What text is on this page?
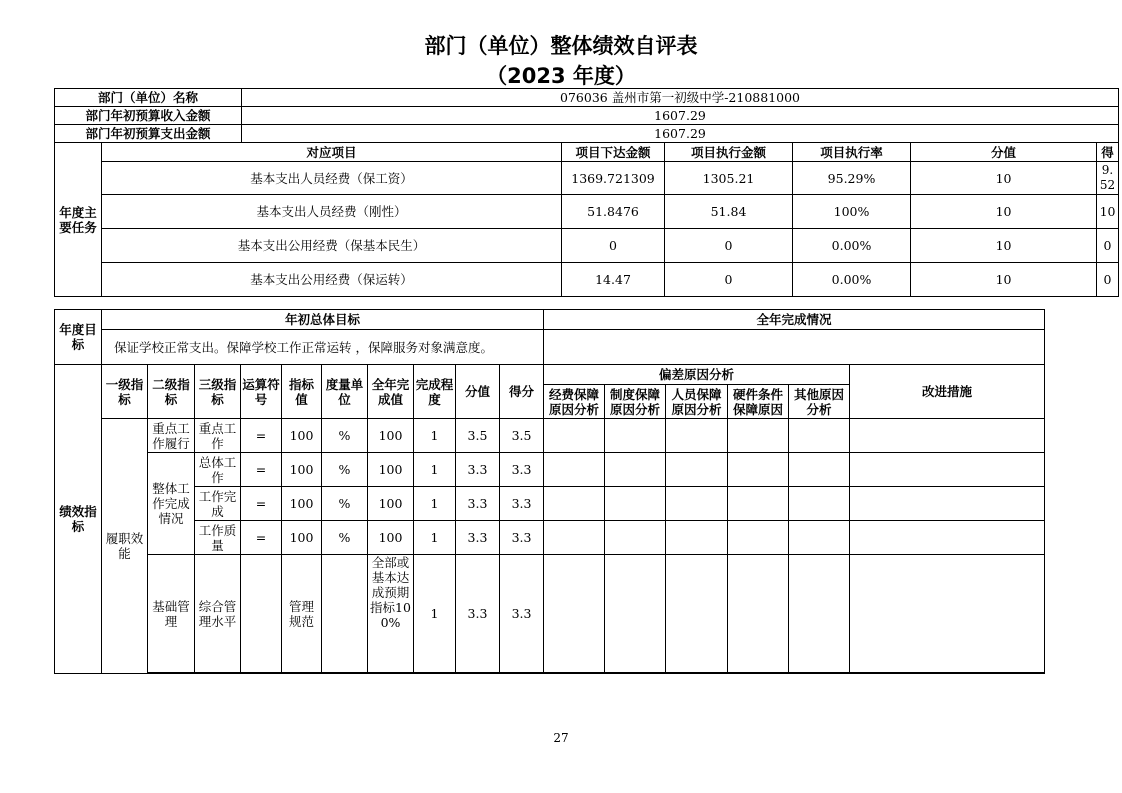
部门（单位）整体绩效自评表
（2023 年度）
部门（单位）名称		076036 盖州市第一初级中学-210881000						
部门年初预算收入金额		1607.29						
部门年初预算支出金额		1607.29						
年度主要任务	对应项目		项目下达金额	项目执行金额	项目执行率	分值	得	
	基本支出人员经费（保工资）		1369.721309	1305.21	95.29%	10	9.52	
	基本支出人员经费（刚性）		51.8476	51.84	100%	10	10	
	基本支出公用经费（保基本民生）		0	0	0.00%	10	0	
	基本支出公用经费（保运转）		14.47	0	0.00%	10	0	
年度目标	年初总体目标										全年完成情况					
	保证学校正常支出。保障学校工作正常运转 ，保障服务对象满意度。															
绩效指标	一级指标	二级指标	三级指标	运算符号	指标值	度量单位	全年完成值	完成程度	分值	得分	偏差原因分析					改进措施
											经费保障原因分析	制度保障原因分析	人员保障原因分析	硬件条件保障原因	其他原因分析	
	履职效能	重点工作履行	重点工作	=	100	%	100	1	3.5	3.5						
		整体工作完成情况	总体工作	=	100	%	100	1	3.3	3.3						
			工作完成	=	100	%	100	1	3.3	3.3						
			工作质量	=	100	%	100	1	3.3	3.3						
		基础管理	综合管理水平		管理规范		全部或基本达成预期指标100%	1	3.3	3.3						

27
